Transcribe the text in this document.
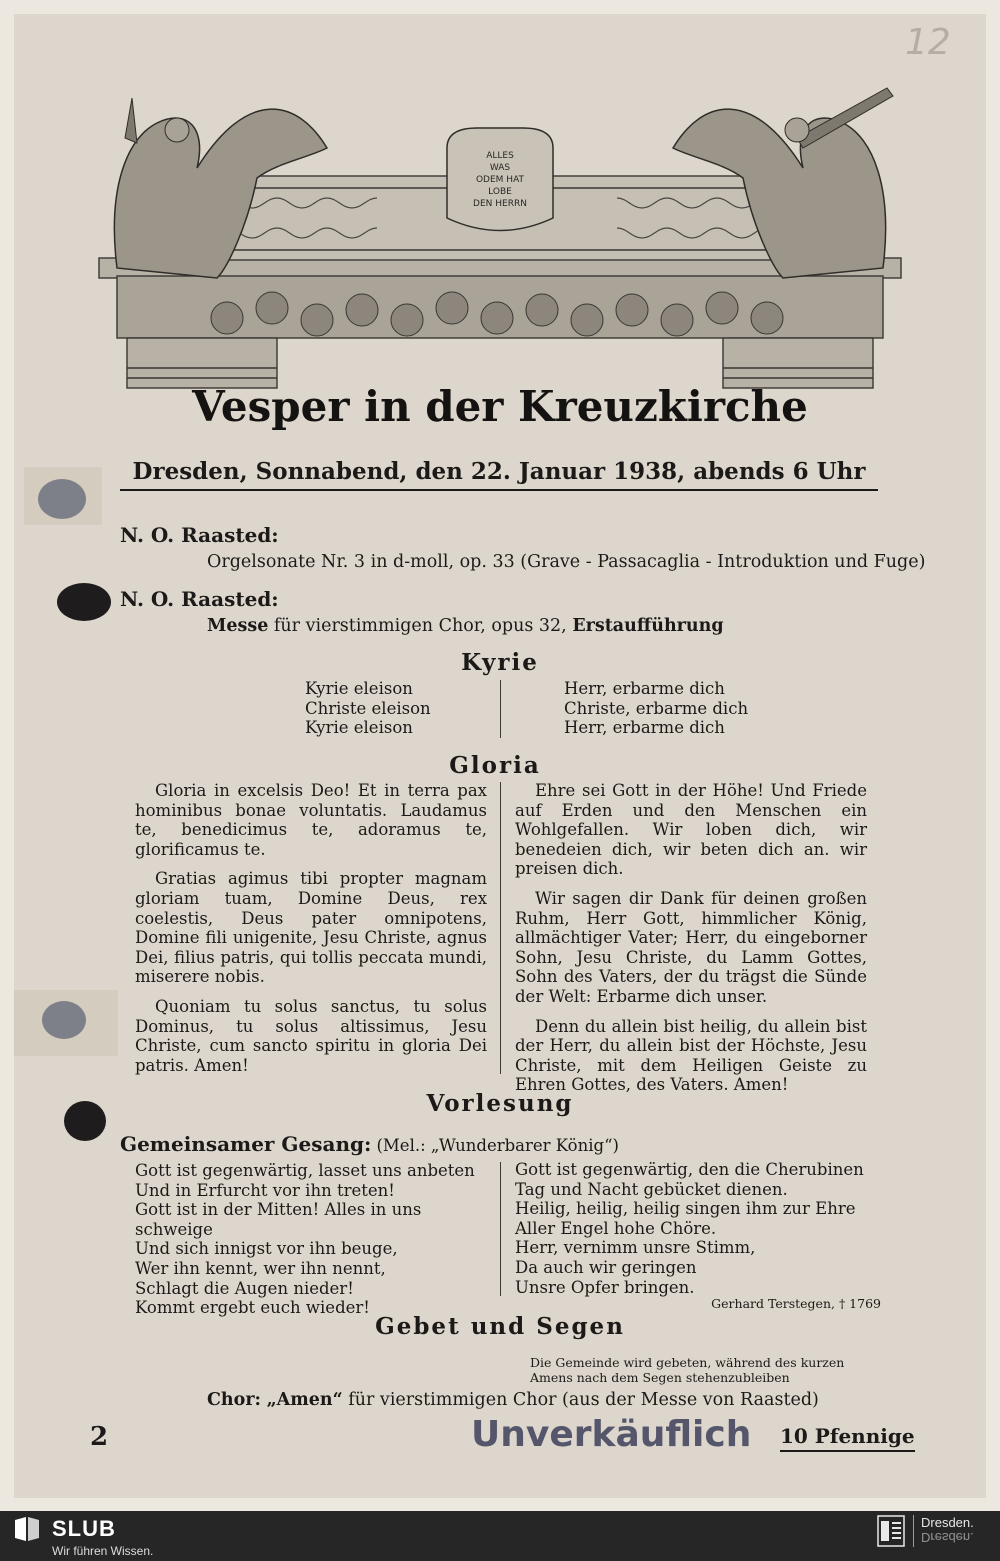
12
ALLES
WAS
ODEM HAT
LOBE
DEN HERRN
Vesper in der Kreuzkirche
Dresden, Sonnabend, den 22. Januar 1938, abends 6 Uhr
N. O. Raasted:
Orgelsonate Nr. 3 in d-moll, op. 33 (Grave - Passacaglia - Introduktion und Fuge)
N. O. Raasted:
Messe für vierstimmigen Chor, opus 32, Erstaufführung
Kyrie

Kyrie eleison

Christe eleison

Kyrie eleison

Herr, erbarme dich

Christe, erbarme dich

Herr, erbarme dich

Gloria

Gloria in excelsis Deo! Et in terra pax hominibus bonae voluntatis. Laudamus te, benedicimus te, adoramus te, glorificamus te.

Gratias agimus tibi propter magnam gloriam tuam, Domine Deus, rex coelestis, Deus pater omnipotens, Domine fili unigenite, Jesu Christe, agnus Dei, filius patris, qui tollis peccata mundi, miserere nobis.

Quoniam tu solus sanctus, tu solus Dominus, tu solus altissimus, Jesu Christe, cum sancto spiritu in gloria Dei patris. Amen!

Ehre sei Gott in der Höhe! Und Friede auf Erden und den Menschen ein Wohlgefallen. Wir loben dich, wir benedeien dich, wir beten dich an. wir preisen dich.

Wir sagen dir Dank für deinen großen Ruhm, Herr Gott, himmlicher König, allmächtiger Vater; Herr, du eingeborner Sohn, Jesu Christe, du Lamm Gottes, Sohn des Vaters, der du trägst die Sünde der Welt: Erbarme dich unser.

Denn du allein bist heilig, du allein bist der Herr, du allein bist der Höchste, Jesu Christe, mit dem Heiligen Geiste zu Ehren Gottes, des Vaters. Amen!

Vorlesung
Gemeinsamer Gesang: (Mel.: „Wunderbarer König“)

Gott ist gegenwärtig, lasset uns anbeten

Und in Erfurcht vor ihn treten!

Gott ist in der Mitten! Alles in uns schweige

Und sich innigst vor ihn beuge,

Wer ihn kennt, wer ihn nennt,

Schlagt die Augen nieder!

Kommt ergebt euch wieder!

Gott ist gegenwärtig, den die Cherubinen

Tag und Nacht gebücket dienen.

Heilig, heilig, heilig singen ihm zur Ehre

Aller Engel hohe Chöre.

Herr, vernimm unsre Stimm,

Da auch wir geringen

Unsre Opfer bringen.

Gerhard Terstegen, † 1769
Gebet und Segen

Die Gemeinde wird gebeten, während des kurzen

Amens nach dem Segen stehenzubleiben

Chor: „Amen“ für vierstimmigen Chor (aus der Messe von Raasted)
2	Unverkäuflich 10 Pfennige
SLUB
Wir führen Wissen.
Dresden.
Dresden.
